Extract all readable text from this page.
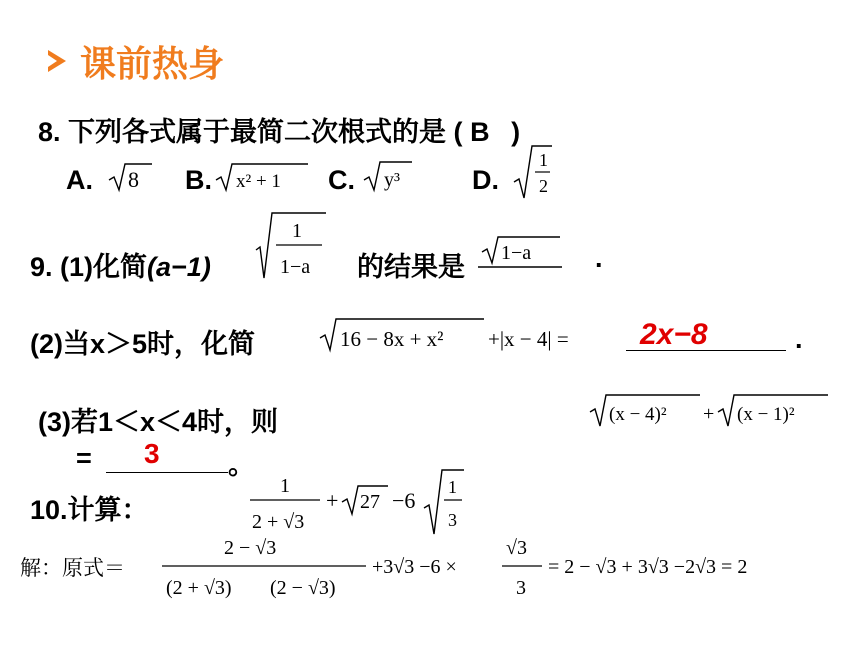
课前热身
8. 下列各式属于最简二次根式的是 ( B )
A. 8 B. x² + 1 C. y³	D.
1
2
9. (1)化简(a−1)
1
1−a 的结果是 1−a .
(2)当x＞5时，化简	16 − 8x + x² +|x − 4| = 2x−8	.
(3)若1＜x＜4时，则	(x − 4)² + (x − 1)²
= 3	。
10.计算：
1
2 + √3
+ 27 −6
1
3
解：原式＝
2 − √3
(2 + √3) (2 − √3)
+3√3 −6 ×
√3
3
= 2 − √3 + 3√3 −2√3 = 2
